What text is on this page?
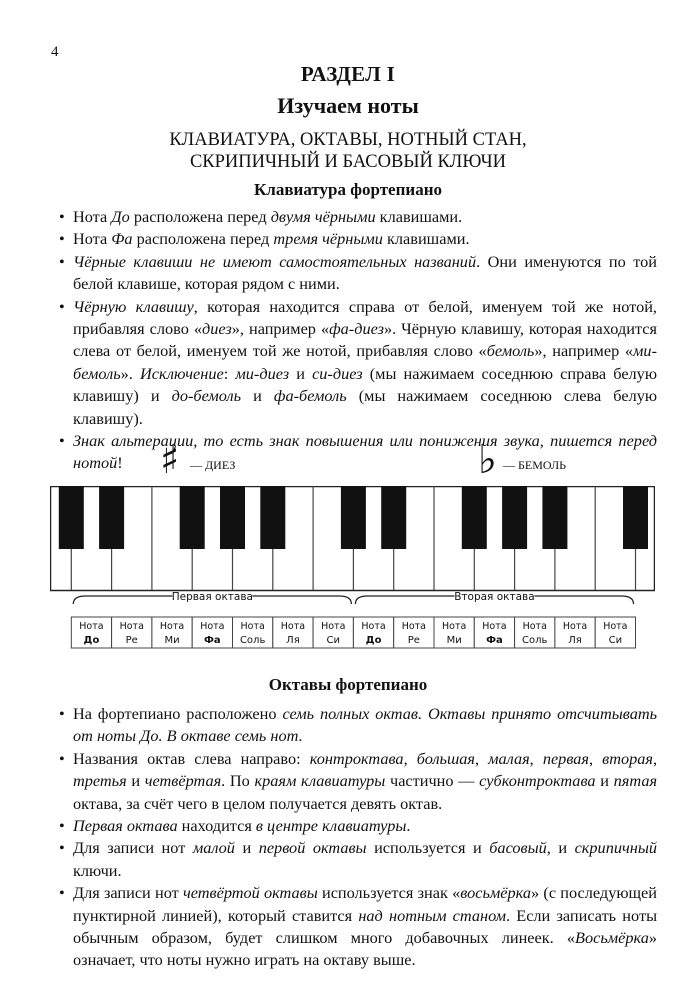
4
РАЗДЕЛ I
Изучаем ноты
КЛАВИАТУРА, ОКТАВЫ, НОТНЫЙ СТАН,
СКРИПИЧНЫЙ И БАСОВЫЙ КЛЮЧИ
Клавиатура фортепиано
• Нота До расположена перед двумя чёрными клавишами.
• Нота Фа расположена перед тремя чёрными клавишами.
• Чёрные клавиши не имеют самостоятельных названий. Они именуются по той белой клавише, которая рядом с ними.
• Чёрную клавишу, которая находится справа от белой, именуем той же нотой, прибавляя слово «диез», например «фа-диез». Чёрную клавишу, которая находится слева от белой, именуем той же нотой, прибавляя слово «бемоль», например «ми-бемоль». Исключение: ми-диез и си-диез (мы нажимаем соседнюю справа белую клавишу) и до-бемоль и фа-бемоль (мы нажимаем соседнюю слева белую клавишу).
• Знак альтерации, то есть знак повышения или понижения звука, пишется перед нотой! ♯ — ДИЕЗ	♭ — БЕМОЛЬ
Первая октава	Вторая октава
Нота
До
Нота
Ре
Нота
Ми
Нота
Фа
Нота
Соль
Нота
Ля
Нота
Си
Нота
До
Нота
Ре
Нота
Ми
Нота
Фа
Нота
Соль
Нота
Ля
Нота
Си
Октавы фортепиано
• На фортепиано расположено семь полных октав. Октавы принято отсчитывать от ноты До. В октаве семь нот.
• Названия октав слева направо: контроктава, большая, малая, первая, вторая, третья и четвёртая. По краям клавиатуры частично — субконтроктава и пятая октава, за счёт чего в целом получается девять октав.
• Первая октава находится в центре клавиатуры.
• Для записи нот малой и первой октавы используется и басовый, и скрипичный ключи.
• Для записи нот четвёртой октавы используется знак «восьмёрка» (с последующей пунктирной линией), который ставится над нотным станом. Если записать ноты обычным образом, будет слишком много добавочных линеек. «Восьмёрка» означает, что ноты нужно играть на октаву выше.
